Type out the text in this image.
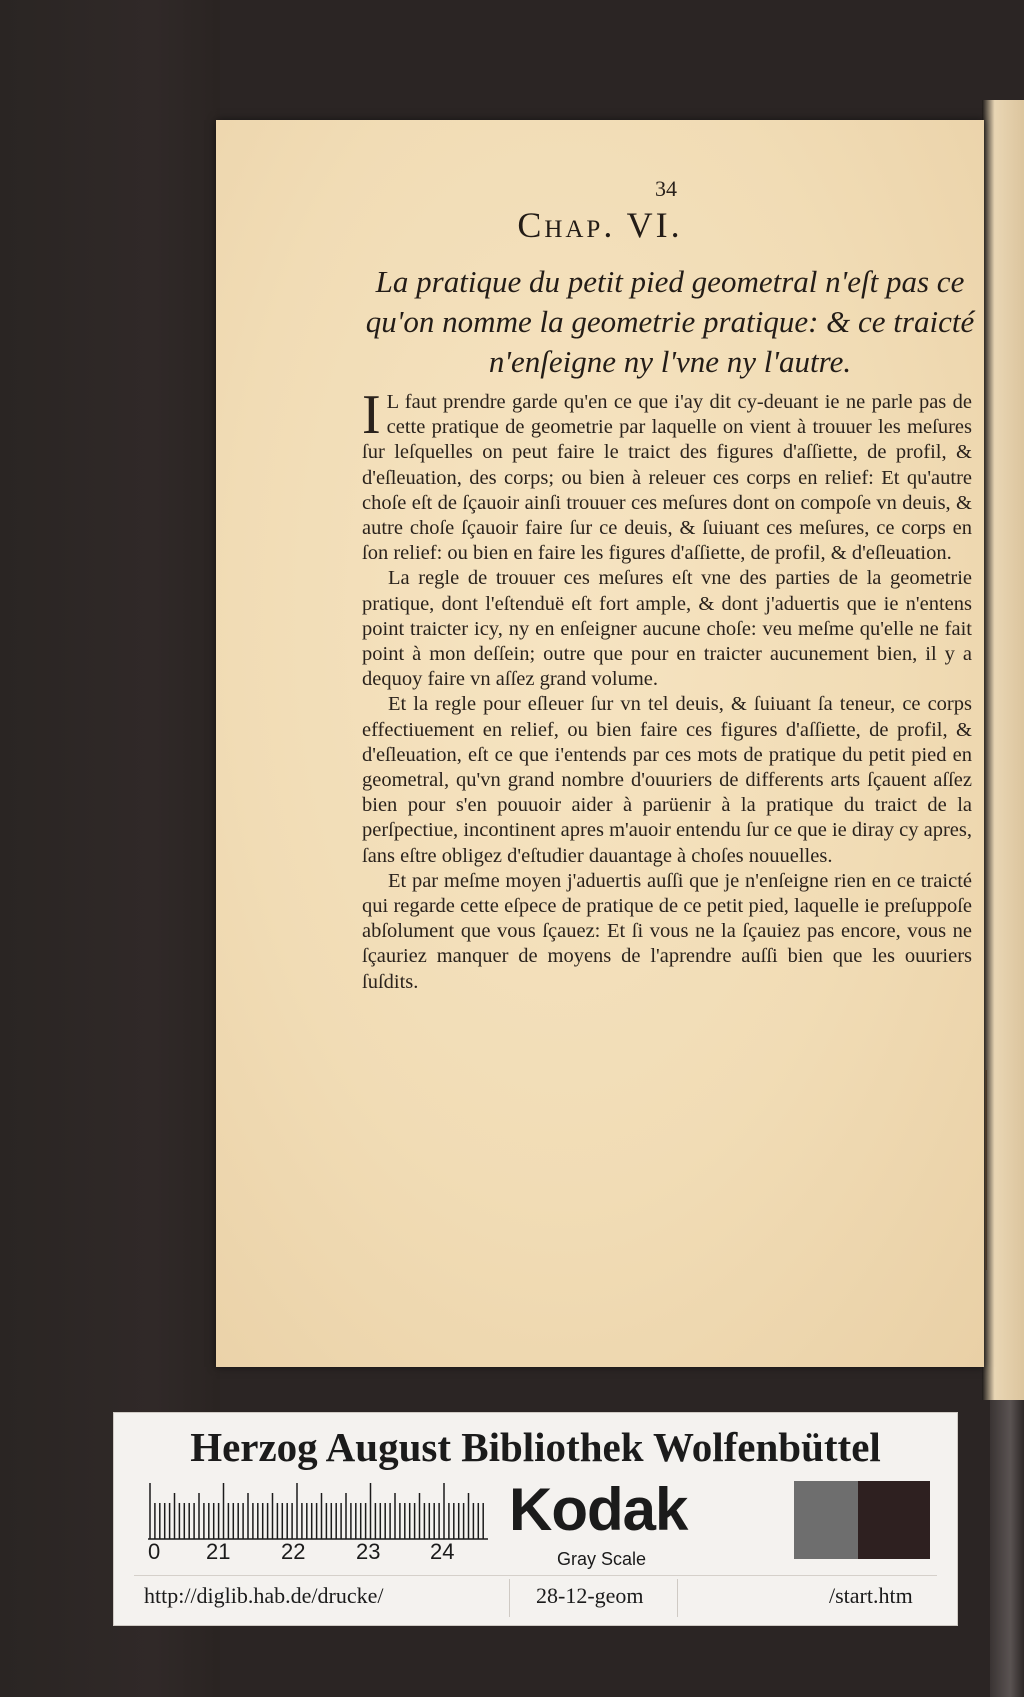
34
Chap. VI.
La pratique du petit pied geometral n'eſt pas ce qu'on nomme la geometrie pratique: & ce traicté n'enſeigne ny l'vne ny l'autre.

I L faut prendre garde qu'en ce que i'ay dit cy-deuant ie ne parle pas de cette pratique de geometrie par laquelle on vient à trouuer les meſures ſur leſquelles on peut faire le traict des figures d'aſſiette, de profil, & d'eſleuation, des corps; ou bien à releuer ces corps en relief: Et qu'autre choſe eſt de ſçauoir ainſi trouuer ces meſures dont on compoſe vn deuis, & autre choſe ſçauoir faire ſur ce deuis, & ſuiuant ces meſures, ce corps en ſon relief: ou bien en faire les figures d'aſſiette, de profil, & d'eſleuation.

La regle de trouuer ces meſures eſt vne des parties de la geometrie pratique, dont l'eſtenduë eſt fort ample, & dont j'aduertis que ie n'entens point traicter icy, ny en enſeigner aucune choſe: veu meſme qu'elle ne fait point à mon deſſein; outre que pour en traicter aucunement bien, il y a dequoy faire vn aſſez grand volume.

Et la regle pour eſleuer ſur vn tel deuis, & ſuiuant ſa teneur, ce corps effectiuement en relief, ou bien faire ces figures d'aſſiette, de profil, & d'eſleuation, eſt ce que i'entends par ces mots de pratique du petit pied en geometral, qu'vn grand nombre d'ouuriers de differents arts ſçauent aſſez bien pour s'en pouuoir aider à parüenir à la pratique du traict de la perſpectiue, incontinent apres m'auoir entendu ſur ce que ie diray cy apres, ſans eſtre obligez d'eſtudier dauantage à choſes nouuelles.

Et par meſme moyen j'aduertis auſſi que je n'enſeigne rien en ce traicté qui regarde cette eſpece de pratique de ce petit pied, laquelle ie preſuppoſe abſolument que vous ſçauez: Et ſi vous ne la ſçauiez pas encore, vous ne ſçauriez manquer de moyens de l'aprendre auſſi bien que les ouuriers ſuſdits.

Herzog August Bibliothek Wolfenbüttel
0 21 22 23 24
Kodak
Gray Scale
http://diglib.hab.de/drucke/	28-12-geom	/start.htm
